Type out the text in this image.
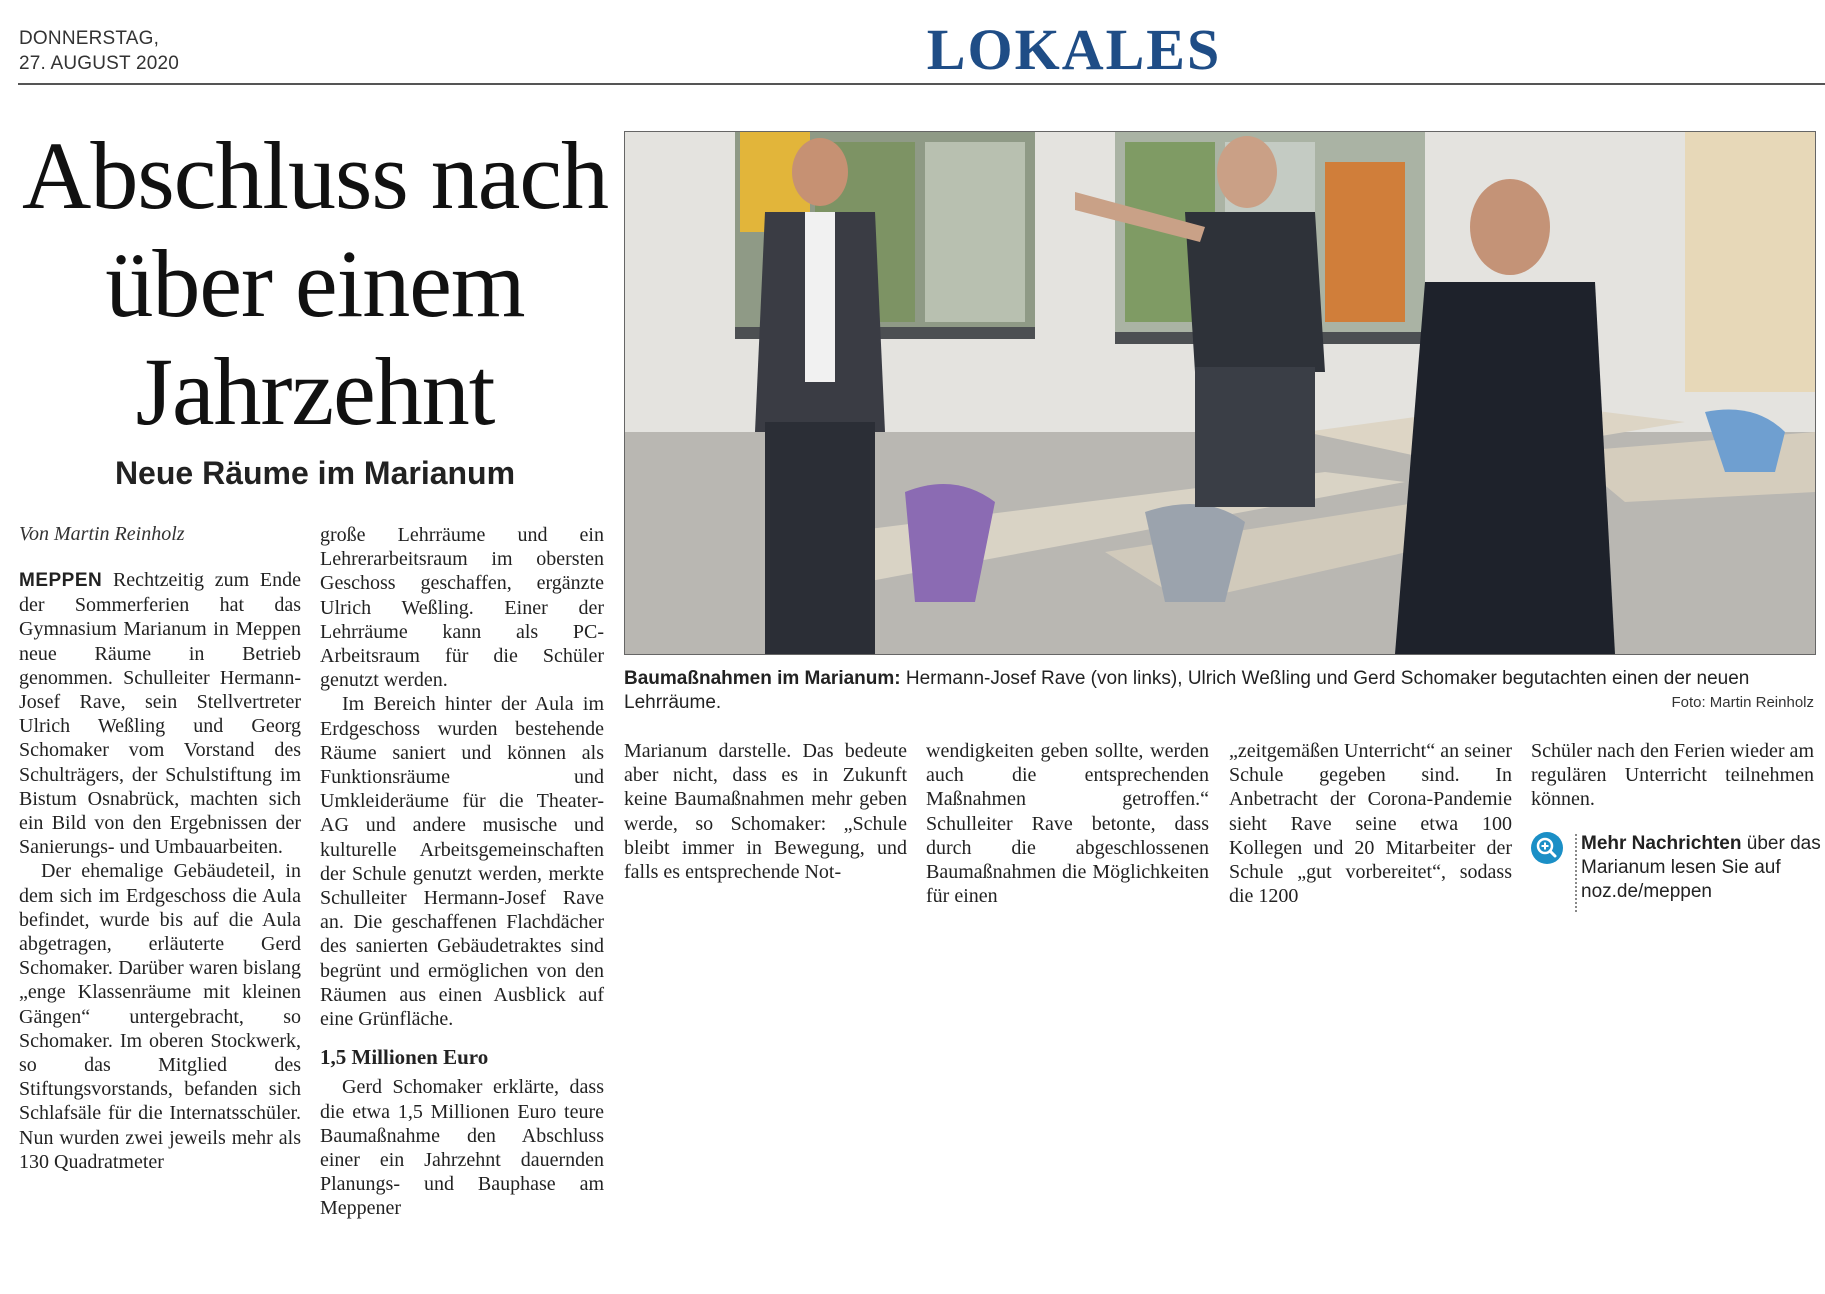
DONNERSTAG,
27. AUGUST 2020	LOKALES
Abschluss nach
über einem
Jahrzehnt
Neue Räume im Marianum
Von Martin Reinholz

MEPPEN Rechtzeitig zum Ende der Sommerferien hat das Gymnasium Marianum in Meppen neue Räume in Betrieb genommen. Schulleiter Hermann-Josef Rave, sein Stellvertreter Ulrich Weßling und Georg Schomaker vom Vorstand des Schulträgers, der Schulstiftung im Bistum Osnabrück, machten sich ein Bild von den Ergebnissen der Sanierungs- und Umbauarbeiten.

Der ehemalige Gebäudeteil, in dem sich im Erdgeschoss die Aula befindet, wurde bis auf die Aula abgetragen, erläuterte Gerd Schomaker. Darüber waren bislang „enge Klassenräume mit kleinen Gängen“ untergebracht, so Schomaker. Im oberen Stockwerk, so das Mitglied des Stiftungsvorstands, befanden sich Schlafsäle für die Internatsschüler. Nun wurden zwei jeweils mehr als 130 Quadratmeter

große Lehrräume und ein Lehrerarbeitsraum im obersten Geschoss geschaffen, ergänzte Ulrich Weßling. Einer der Lehrräume kann als PC-Arbeitsraum für die Schüler genutzt werden.

Im Bereich hinter der Aula im Erdgeschoss wurden bestehende Räume saniert und können als Funktionsräume und Umkleideräume für die Theater-AG und andere musische und kulturelle Arbeitsgemeinschaften der Schule genutzt werden, merkte Schulleiter Hermann-Josef Rave an. Die geschaffenen Flachdächer des sanierten Gebäudetraktes sind begrünt und ermöglichen von den Räumen aus einen Ausblick auf eine Grünfläche.

1,5 Millionen Euro

Gerd Schomaker erklärte, dass die etwa 1,5 Millionen Euro teure Baumaßnahme den Abschluss einer ein Jahrzehnt dauernden Planungs- und Bauphase am Meppener

Baumaßnahmen im Marianum: Hermann-Josef Rave (von links), Ulrich Weßling und Gerd Schomaker begutachten einen der neuen Lehrräume.	Foto: Martin Reinholz

Marianum darstelle. Das bedeute aber nicht, dass es in Zukunft keine Baumaßnahmen mehr geben werde, so Schomaker: „Schule bleibt immer in Bewegung, und falls es entsprechende Not-

wendigkeiten geben sollte, werden auch die entsprechenden Maßnahmen getroffen.“ Schulleiter Rave betonte, dass durch die abgeschlossenen Baumaßnahmen die Möglichkeiten für einen

„zeitgemäßen Unterricht“ an seiner Schule gegeben sind. In Anbetracht der Corona-Pandemie sieht Rave seine etwa 100 Kollegen und 20 Mitarbeiter der Schule „gut vorbereitet“, sodass die 1200

Schüler nach den Ferien wieder am regulären Unterricht teilnehmen können.

Mehr Nachrichten über das Marianum lesen Sie auf noz.de/meppen
